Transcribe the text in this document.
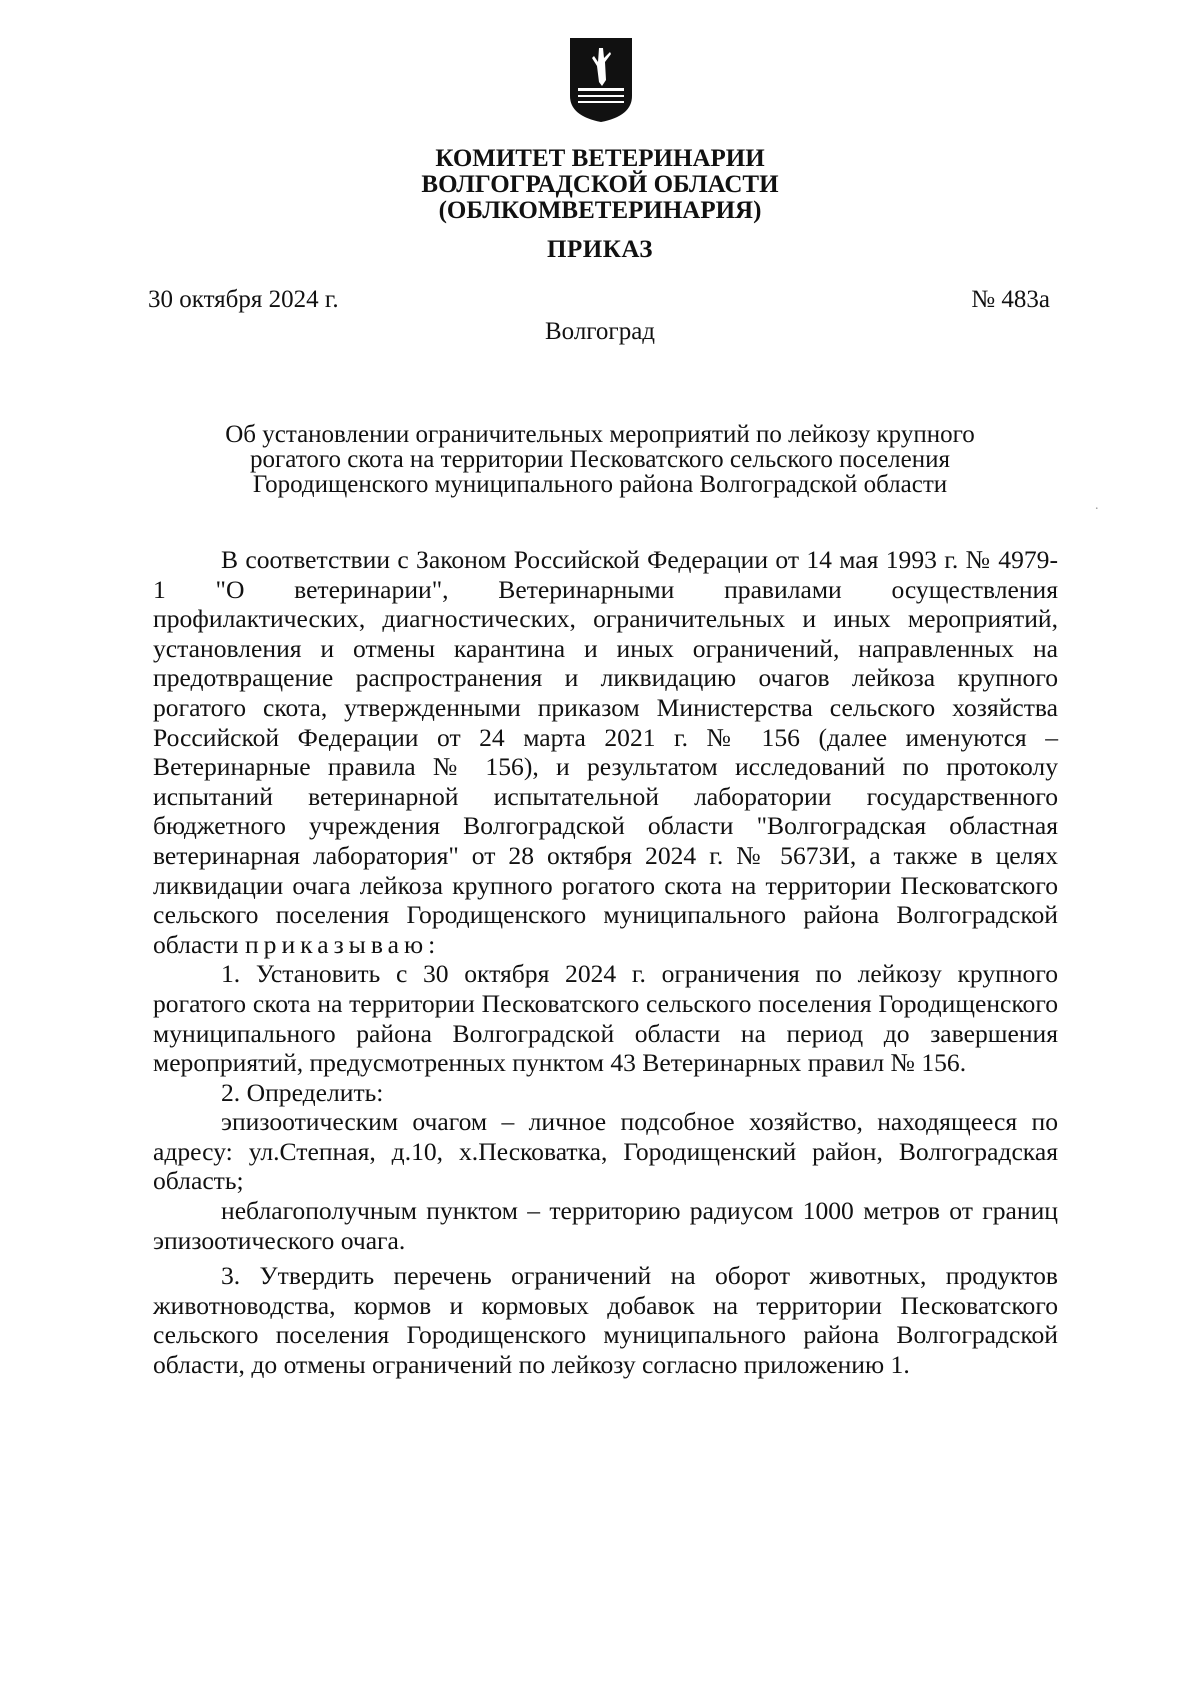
КОМИТЕТ ВЕТЕРИНАРИИ
ВОЛГОГРАДСКОЙ ОБЛАСТИ
(ОБЛКОМВЕТЕРИНАРИЯ)
ПРИКАЗ
30 октября 2024 г.	№ 483а
Волгоград
Об установлении ограничительных мероприятий по лейкозу крупного
рогатого скота на территории Песковатского сельского поселения
Городищенского муниципального района Волгоградской области
.

В соответствии с Законом Российской Федерации от 14 мая 1993 г. № 4979-1 "О ветеринарии", Ветеринарными правилами осуществления профилактических, диагностических, ограничительных и иных мероприятий, установления и отмены карантина и иных ограничений, направленных на предотвращение распространения и ликвидацию очагов лейкоза крупного рогатого скота, утвержденными приказом Министерства сельского хозяйства Российской Федерации от 24 марта 2021 г. № 156 (далее именуются – Ветеринарные правила № 156), и результатом исследований по протоколу испытаний ветеринарной испытательной лаборатории государственного бюджетного учреждения Волгоградской области "Волгоградская областная ветеринарная лаборатория" от 28 октября 2024 г. № 5673И, а также в целях ликвидации очага лейкоза крупного рогатого скота на территории Песковатского сельского поселения Городищенского муниципального района Волгоградской области приказываю:

1. Установить с 30 октября 2024 г. ограничения по лейкозу крупного рогатого скота на территории Песковатского сельского поселения Городищенского муниципального района Волгоградской области на период до завершения мероприятий, предусмотренных пунктом 43 Ветеринарных правил № 156.

2. Определить:

эпизоотическим очагом – личное подсобное хозяйство, находящееся по адресу: ул.Степная, д.10, х.Песковатка, Городищенский район, Волгоградская область;

неблагополучным пунктом – территорию радиусом 1000 метров от границ эпизоотического очага.

3. Утвердить перечень ограничений на оборот животных, продуктов животноводства, кормов и кормовых добавок на территории Песковатского сельского поселения Городищенского муниципального района Волгоградской области, до отмены ограничений по лейкозу согласно приложению 1.
